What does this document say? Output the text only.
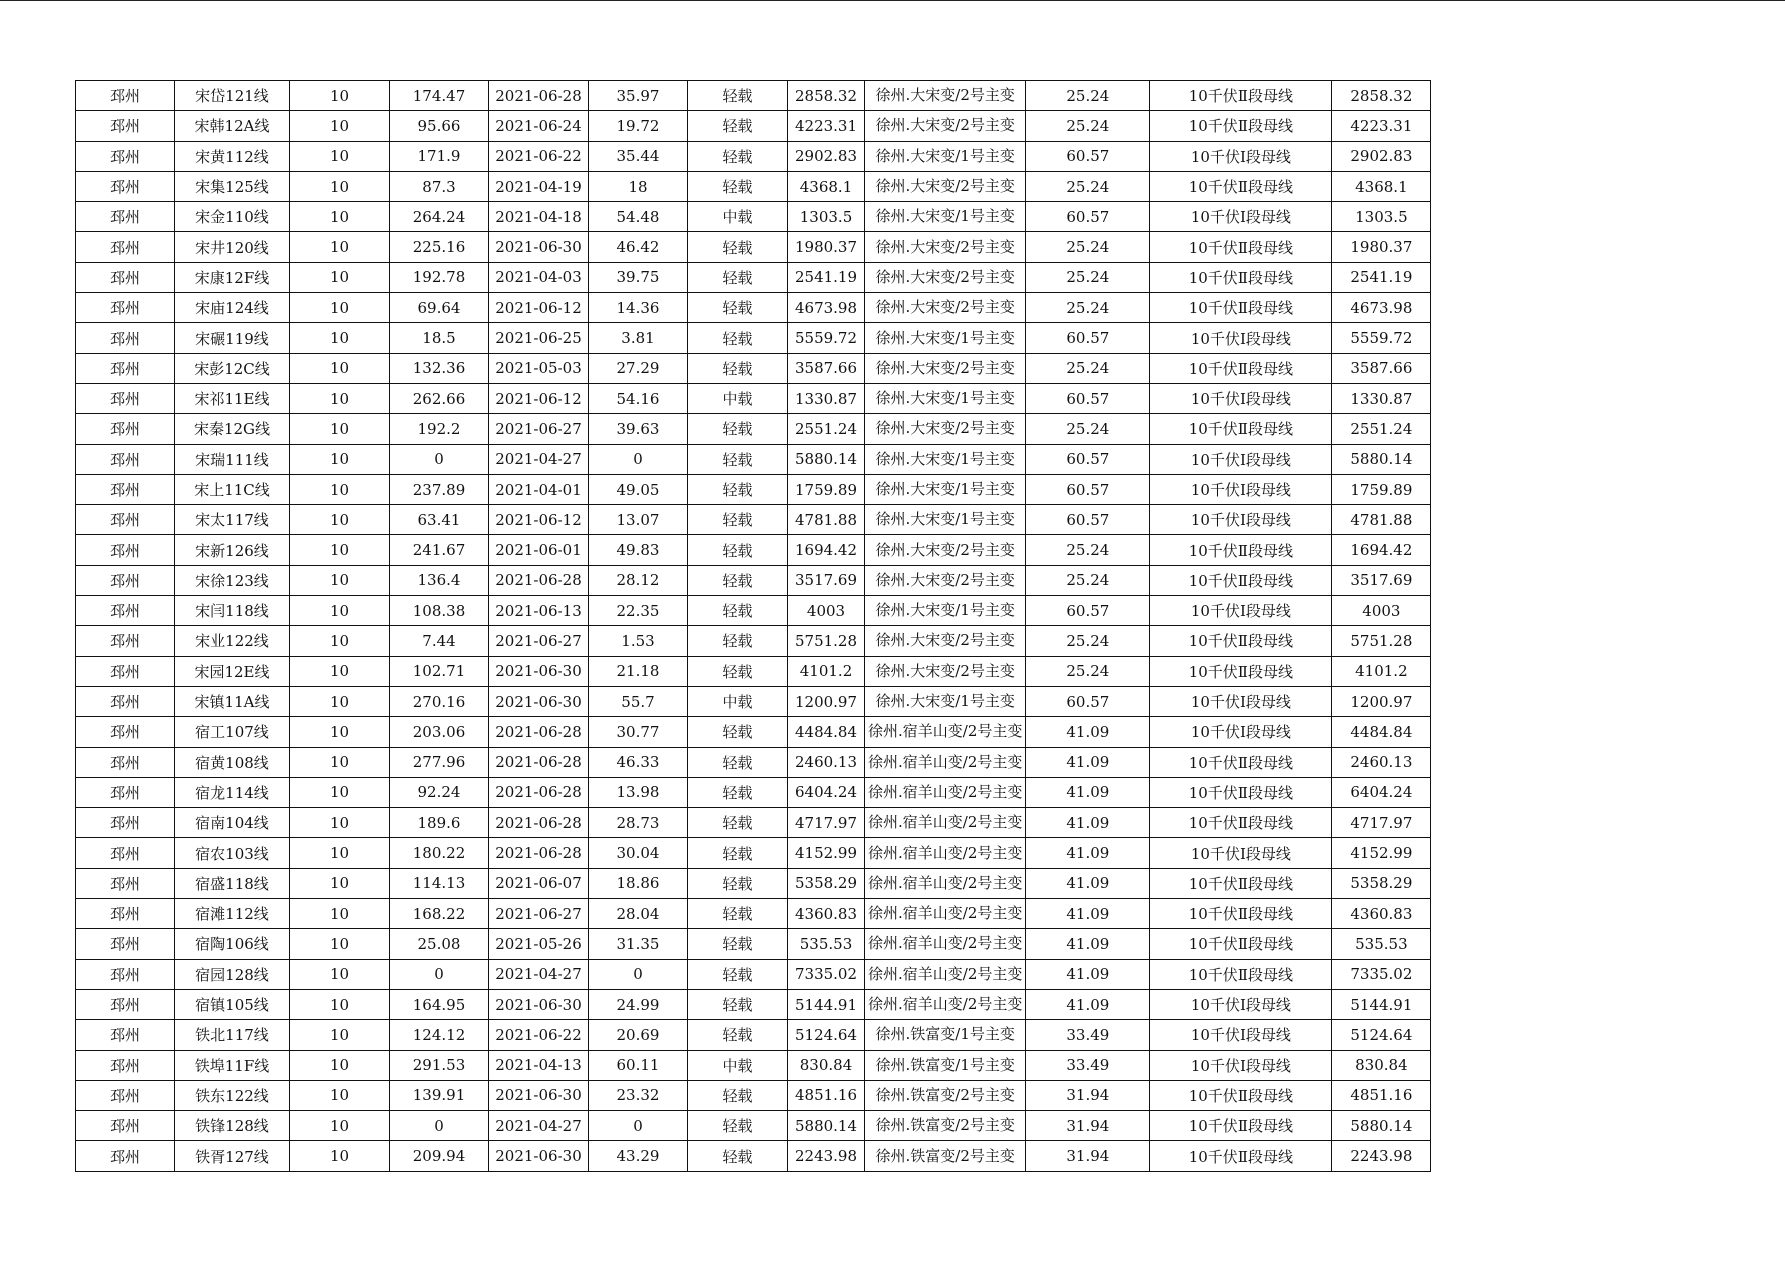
邳州	宋岱121线	10	174.47	2021-06-28	35.97	轻载	2858.32	徐州.大宋变/2号主变	25.24	10千伏Ⅱ段母线	2858.32
邳州	宋韩12A线	10	95.66	2021-06-24	19.72	轻载	4223.31	徐州.大宋变/2号主变	25.24	10千伏Ⅱ段母线	4223.31
邳州	宋黄112线	10	171.9	2021-06-22	35.44	轻载	2902.83	徐州.大宋变/1号主变	60.57	10千伏Ⅰ段母线	2902.83
邳州	宋集125线	10	87.3	2021-04-19	18	轻载	4368.1	徐州.大宋变/2号主变	25.24	10千伏Ⅱ段母线	4368.1
邳州	宋金110线	10	264.24	2021-04-18	54.48	中载	1303.5	徐州.大宋变/1号主变	60.57	10千伏Ⅰ段母线	1303.5
邳州	宋井120线	10	225.16	2021-06-30	46.42	轻载	1980.37	徐州.大宋变/2号主变	25.24	10千伏Ⅱ段母线	1980.37
邳州	宋康12F线	10	192.78	2021-04-03	39.75	轻载	2541.19	徐州.大宋变/2号主变	25.24	10千伏Ⅱ段母线	2541.19
邳州	宋庙124线	10	69.64	2021-06-12	14.36	轻载	4673.98	徐州.大宋变/2号主变	25.24	10千伏Ⅱ段母线	4673.98
邳州	宋碾119线	10	18.5	2021-06-25	3.81	轻载	5559.72	徐州.大宋变/1号主变	60.57	10千伏Ⅰ段母线	5559.72
邳州	宋彭12C线	10	132.36	2021-05-03	27.29	轻载	3587.66	徐州.大宋变/2号主变	25.24	10千伏Ⅱ段母线	3587.66
邳州	宋祁11E线	10	262.66	2021-06-12	54.16	中载	1330.87	徐州.大宋变/1号主变	60.57	10千伏Ⅰ段母线	1330.87
邳州	宋秦12G线	10	192.2	2021-06-27	39.63	轻载	2551.24	徐州.大宋变/2号主变	25.24	10千伏Ⅱ段母线	2551.24
邳州	宋瑞111线	10	0	2021-04-27	0	轻载	5880.14	徐州.大宋变/1号主变	60.57	10千伏Ⅰ段母线	5880.14
邳州	宋上11C线	10	237.89	2021-04-01	49.05	轻载	1759.89	徐州.大宋变/1号主变	60.57	10千伏Ⅰ段母线	1759.89
邳州	宋太117线	10	63.41	2021-06-12	13.07	轻载	4781.88	徐州.大宋变/1号主变	60.57	10千伏Ⅰ段母线	4781.88
邳州	宋新126线	10	241.67	2021-06-01	49.83	轻载	1694.42	徐州.大宋变/2号主变	25.24	10千伏Ⅱ段母线	1694.42
邳州	宋徐123线	10	136.4	2021-06-28	28.12	轻载	3517.69	徐州.大宋变/2号主变	25.24	10千伏Ⅱ段母线	3517.69
邳州	宋闫118线	10	108.38	2021-06-13	22.35	轻载	4003	徐州.大宋变/1号主变	60.57	10千伏Ⅰ段母线	4003
邳州	宋业122线	10	7.44	2021-06-27	1.53	轻载	5751.28	徐州.大宋变/2号主变	25.24	10千伏Ⅱ段母线	5751.28
邳州	宋园12E线	10	102.71	2021-06-30	21.18	轻载	4101.2	徐州.大宋变/2号主变	25.24	10千伏Ⅱ段母线	4101.2
邳州	宋镇11A线	10	270.16	2021-06-30	55.7	中载	1200.97	徐州.大宋变/1号主变	60.57	10千伏Ⅰ段母线	1200.97
邳州	宿工107线	10	203.06	2021-06-28	30.77	轻载	4484.84	徐州.宿羊山变/2号主变	41.09	10千伏Ⅰ段母线	4484.84
邳州	宿黄108线	10	277.96	2021-06-28	46.33	轻载	2460.13	徐州.宿羊山变/2号主变	41.09	10千伏Ⅱ段母线	2460.13
邳州	宿龙114线	10	92.24	2021-06-28	13.98	轻载	6404.24	徐州.宿羊山变/2号主变	41.09	10千伏Ⅱ段母线	6404.24
邳州	宿南104线	10	189.6	2021-06-28	28.73	轻载	4717.97	徐州.宿羊山变/2号主变	41.09	10千伏Ⅱ段母线	4717.97
邳州	宿农103线	10	180.22	2021-06-28	30.04	轻载	4152.99	徐州.宿羊山变/2号主变	41.09	10千伏Ⅰ段母线	4152.99
邳州	宿盛118线	10	114.13	2021-06-07	18.86	轻载	5358.29	徐州.宿羊山变/2号主变	41.09	10千伏Ⅱ段母线	5358.29
邳州	宿滩112线	10	168.22	2021-06-27	28.04	轻载	4360.83	徐州.宿羊山变/2号主变	41.09	10千伏Ⅱ段母线	4360.83
邳州	宿陶106线	10	25.08	2021-05-26	31.35	轻载	535.53	徐州.宿羊山变/2号主变	41.09	10千伏Ⅱ段母线	535.53
邳州	宿园128线	10	0	2021-04-27	0	轻载	7335.02	徐州.宿羊山变/2号主变	41.09	10千伏Ⅱ段母线	7335.02
邳州	宿镇105线	10	164.95	2021-06-30	24.99	轻载	5144.91	徐州.宿羊山变/2号主变	41.09	10千伏Ⅰ段母线	5144.91
邳州	铁北117线	10	124.12	2021-06-22	20.69	轻载	5124.64	徐州.铁富变/1号主变	33.49	10千伏Ⅰ段母线	5124.64
邳州	铁埠11F线	10	291.53	2021-04-13	60.11	中载	830.84	徐州.铁富变/1号主变	33.49	10千伏Ⅰ段母线	830.84
邳州	铁东122线	10	139.91	2021-06-30	23.32	轻载	4851.16	徐州.铁富变/2号主变	31.94	10千伏Ⅱ段母线	4851.16
邳州	铁锋128线	10	0	2021-04-27	0	轻载	5880.14	徐州.铁富变/2号主变	31.94	10千伏Ⅱ段母线	5880.14
邳州	铁胥127线	10	209.94	2021-06-30	43.29	轻载	2243.98	徐州.铁富变/2号主变	31.94	10千伏Ⅱ段母线	2243.98
